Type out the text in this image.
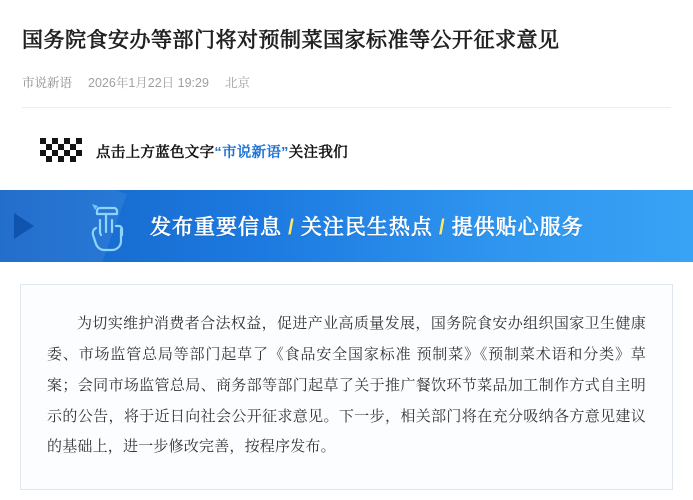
国务院食安办等部门将对预制菜国家标准等公开征求意见
市说新语 2026年1月22日 19:29 北京
点击上方蓝色文字“市说新语”关注我们
发布重要信息 / 关注民生热点 / 提供贴心服务

为切实维护消费者合法权益，促进产业高质量发展，国务院食安办组织国家卫生健康委、市场监管总局等部门起草了《食品安全国家标准 预制菜》《预制菜术语和分类》草案；会同市场监管总局、商务部等部门起草了关于推广餐饮环节菜品加工制作方式自主明示的公告，将于近日向社会公开征求意见。下一步，相关部门将在充分吸纳各方意见建议的基础上，进一步修改完善，按程序发布。
